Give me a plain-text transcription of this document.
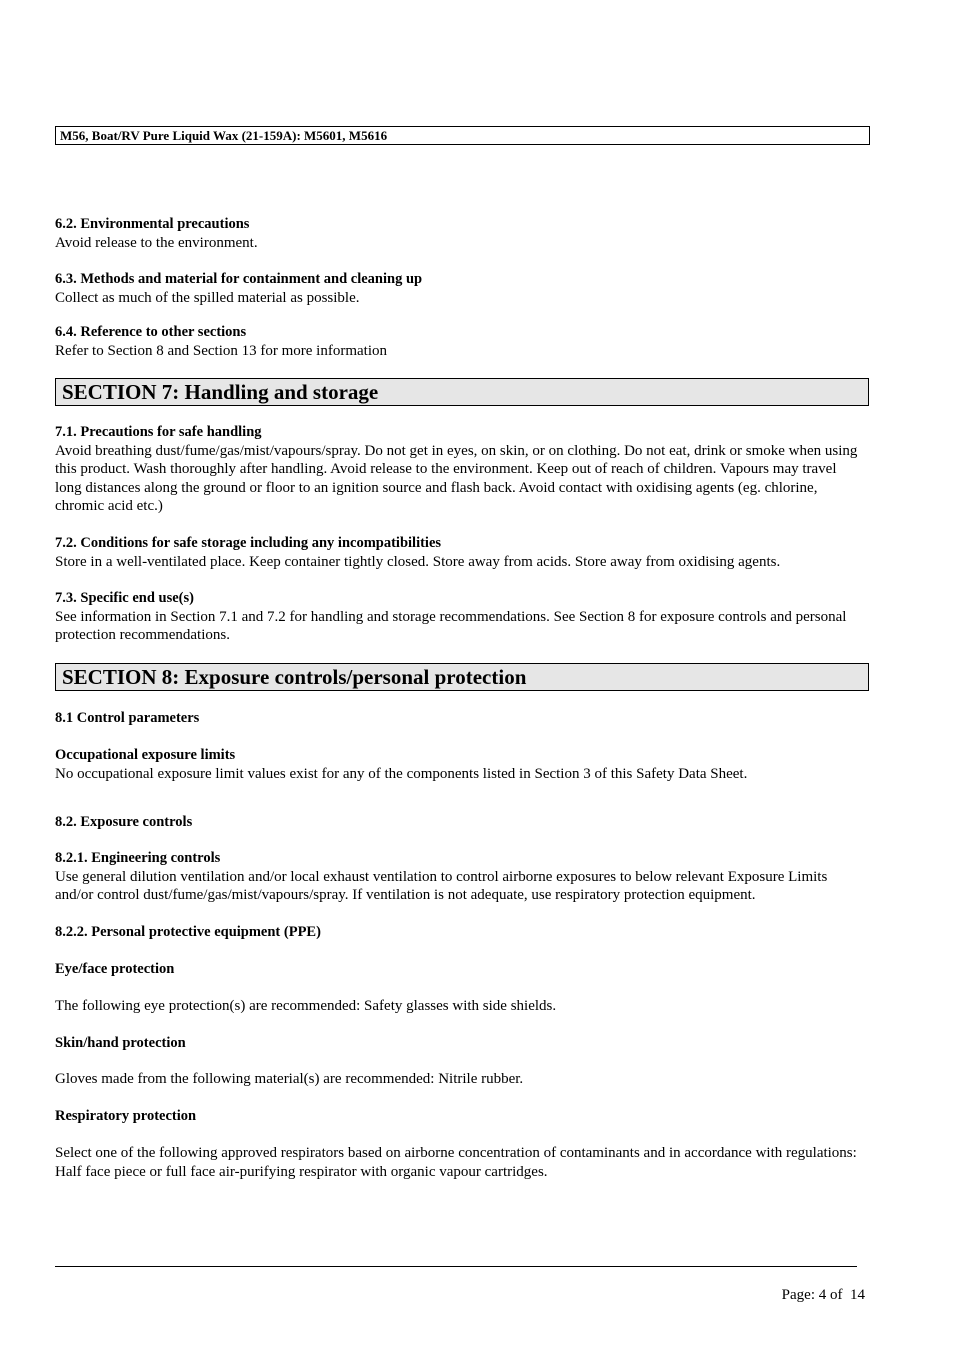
M56, Boat/RV Pure Liquid Wax (21-159A): M5601, M5616
6.2. Environmental precautions
Avoid release to the environment.
6.3. Methods and material for containment and cleaning up
Collect as much of the spilled material as possible.
6.4. Reference to other sections
Refer to Section 8 and Section 13 for more information
SECTION 7: Handling and storage
7.1. Precautions for safe handling
Avoid breathing dust/fume/gas/mist/vapours/spray. Do not get in eyes, on skin, or on clothing. Do not eat, drink or smoke when using this product. Wash thoroughly after handling. Avoid release to the environment. Keep out of reach of children. Vapours may travel long distances along the ground or floor to an ignition source and flash back. Avoid contact with oxidising agents (eg. chlorine, chromic acid etc.)
7.2. Conditions for safe storage including any incompatibilities
Store in a well-ventilated place. Keep container tightly closed. Store away from acids. Store away from oxidising agents.
7.3. Specific end use(s)
See information in Section 7.1 and 7.2 for handling and storage recommendations. See Section 8 for exposure controls and personal protection recommendations.
SECTION 8: Exposure controls/personal protection
8.1 Control parameters
Occupational exposure limits
No occupational exposure limit values exist for any of the components listed in Section 3 of this Safety Data Sheet.
8.2. Exposure controls
8.2.1. Engineering controls
Use general dilution ventilation and/or local exhaust ventilation to control airborne exposures to below relevant Exposure Limits and/or control dust/fume/gas/mist/vapours/spray. If ventilation is not adequate, use respiratory protection equipment.
8.2.2. Personal protective equipment (PPE)
Eye/face protection
The following eye protection(s) are recommended: Safety glasses with side shields.
Skin/hand protection
Gloves made from the following material(s) are recommended: Nitrile rubber.
Respiratory protection
Select one of the following approved respirators based on airborne concentration of contaminants and in accordance with regulations:
Half face piece or full face air-purifying respirator with organic vapour cartridges.
Page: 4 of  14
